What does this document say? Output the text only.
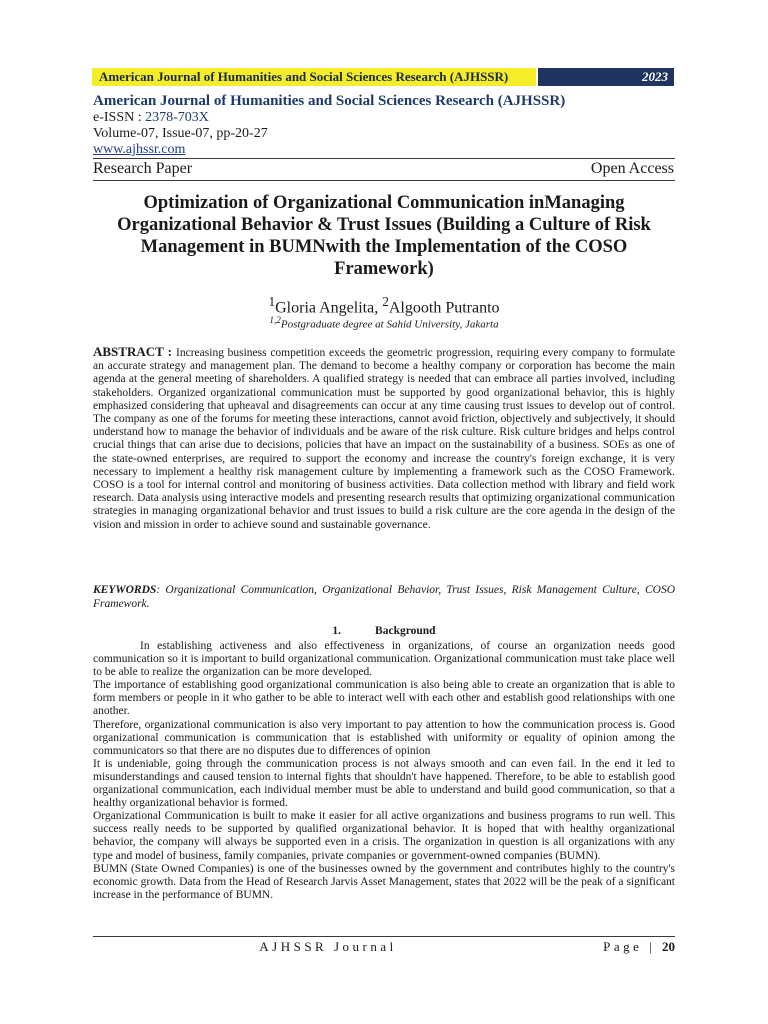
American Journal of Humanities and Social Sciences Research (AJHSSR)	2023
American Journal of Humanities and Social Sciences Research (AJHSSR)
e-ISSN : 2378-703X
Volume-07, Issue-07, pp-20-27
www.ajhssr.com
Research Paper	Open Access
Optimization of Organizational Communication inManaging Organizational Behavior & Trust Issues (Building a Culture of Risk Management in BUMNwith the Implementation of the COSO Framework)
$^1$Gloria Angelita, $^2$Algooth Putranto
$^{1,2}$Postgraduate degree at Sahid University, Jakarta

ABSTRACT : Increasing business competition exceeds the geometric progression, requiring every company to formulate an accurate strategy and management plan. The demand to become a healthy company or corporation has become the main agenda at the general meeting of shareholders. A qualified strategy is needed that can embrace all parties involved, including stakeholders. Organized organizational communication must be supported by good organizational behavior, this is highly emphasized considering that upheaval and disagreements can occur at any time causing trust issues to develop out of control. The company as one of the forums for meeting these interactions, cannot avoid friction, objectively and subjectively, it should understand how to manage the behavior of individuals and be aware of the risk culture. Risk culture bridges and helps control crucial things that can arise due to decisions, policies that have an impact on the sustainability of a business. SOEs as one of the state-owned enterprises, are required to support the economy and increase the country's foreign exchange, it is very necessary to implement a healthy risk management culture by implementing a framework such as the COSO Framework. COSO is a tool for internal control and monitoring of business activities. Data collection method with library and field work research. Data analysis using interactive models and presenting research results that optimizing organizational communication strategies in managing organizational behavior and trust issues to build a risk culture are the core agenda in the design of the vision and mission in order to achieve sound and sustainable governance.

KEYWORDS: Organizational Communication, Organizational Behavior, Trust Issues, Risk Management Culture, COSO Framework.

1.	Background

In establishing activeness and also effectiveness in organizations, of course an organization needs good communication so it is important to build organizational communication. Organizational communication must take place well to be able to realize the organization can be more developed.

The importance of establishing good organizational communication is also being able to create an organization that is able to form members or people in it who gather to be able to interact well with each other and establish good relationships with one another.

Therefore, organizational communication is also very important to pay attention to how the communication process is. Good organizational communication is communication that is established with uniformity or equality of opinion among the communicators so that there are no disputes due to differences of opinion

It is undeniable, going through the communication process is not always smooth and can even fail. In the end it led to misunderstandings and caused tension to internal fights that shouldn't have happened. Therefore, to be able to establish good organizational communication, each individual member must be able to understand and build good communication, so that a healthy organizational behavior is formed.

Organizational Communication is built to make it easier for all active organizations and business programs to run well. This success really needs to be supported by qualified organizational behavior. It is hoped that with healthy organizational behavior, the company will always be supported even in a crisis. The organization in question is all organizations with any type and model of business, family companies, private companies or government-owned companies (BUMN).

BUMN (State Owned Companies) is one of the businesses owned by the government and contributes highly to the country's economic growth. Data from the Head of Research Jarvis Asset Management, states that 2022 will be the peak of a significant increase in the performance of BUMN.

AJHSSR Journal	Page | 20
